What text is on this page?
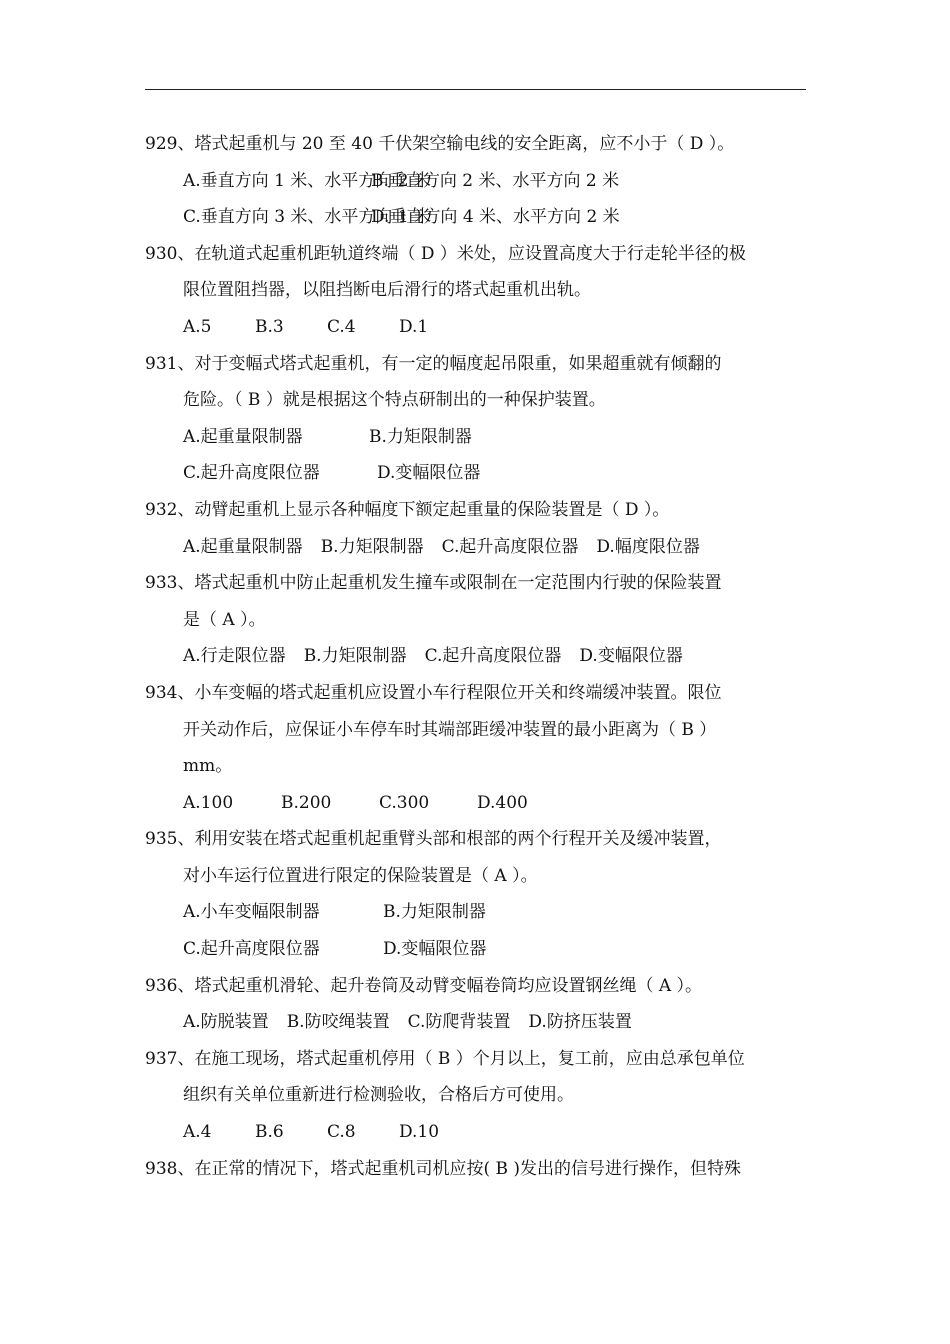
929、塔式起重机与 20 至 40 千伏架空输电线的安全距离，应不小于（ D ）。
A.垂直方向 1 米、水平方向 2 米
B.垂直方向 2 米、水平方向 2 米
C.垂直方向 3 米、水平方向 1 米
D.垂直方向 4 米、水平方向 2 米
930、在轨道式起重机距轨道终端（ D ）米处，应设置高度大于行走轮半径的极
限位置阻挡器，以阻挡断电后滑行的塔式起重机出轨。
A.5	B.3	C.4	D.1
931、对于变幅式塔式起重机，有一定的幅度起吊限重，如果超重就有倾翻的
危险。（ B ）就是根据这个特点研制出的一种保护装置。
A.起重量限制器	B.力矩限制器
C.起升高度限位器	D.变幅限位器
932、动臂起重机上显示各种幅度下额定起重量的保险装置是（ D ）。
A.起重量限制器 B.力矩限制器 C.起升高度限位器 D.幅度限位器
933、塔式起重机中防止起重机发生撞车或限制在一定范围内行驶的保险装置
是（ A ）。
A.行走限位器 B.力矩限制器 C.起升高度限位器 D.变幅限位器
934、小车变幅的塔式起重机应设置小车行程限位开关和终端缓冲装置。限位
开关动作后，应保证小车停车时其端部距缓冲装置的最小距离为（ B ）
mm。
A.100	B.200	C.300	D.400
935、利用安装在塔式起重机起重臂头部和根部的两个行程开关及缓冲装置，
对小车运行位置进行限定的保险装置是（ A ）。
A.小车变幅限制器	B.力矩限制器
C.起升高度限位器	D.变幅限位器
936、塔式起重机滑轮、起升卷筒及动臂变幅卷筒均应设置钢丝绳（ A ）。
A.防脱装置 B.防咬绳装置 C.防爬背装置 D.防挤压装置
937、在施工现场，塔式起重机停用（ B ）个月以上，复工前，应由总承包单位
组织有关单位重新进行检测验收，合格后方可使用。
A.4	B.6	C.8	D.10
938、在正常的情况下，塔式起重机司机应按( B )发出的信号进行操作，但特殊
